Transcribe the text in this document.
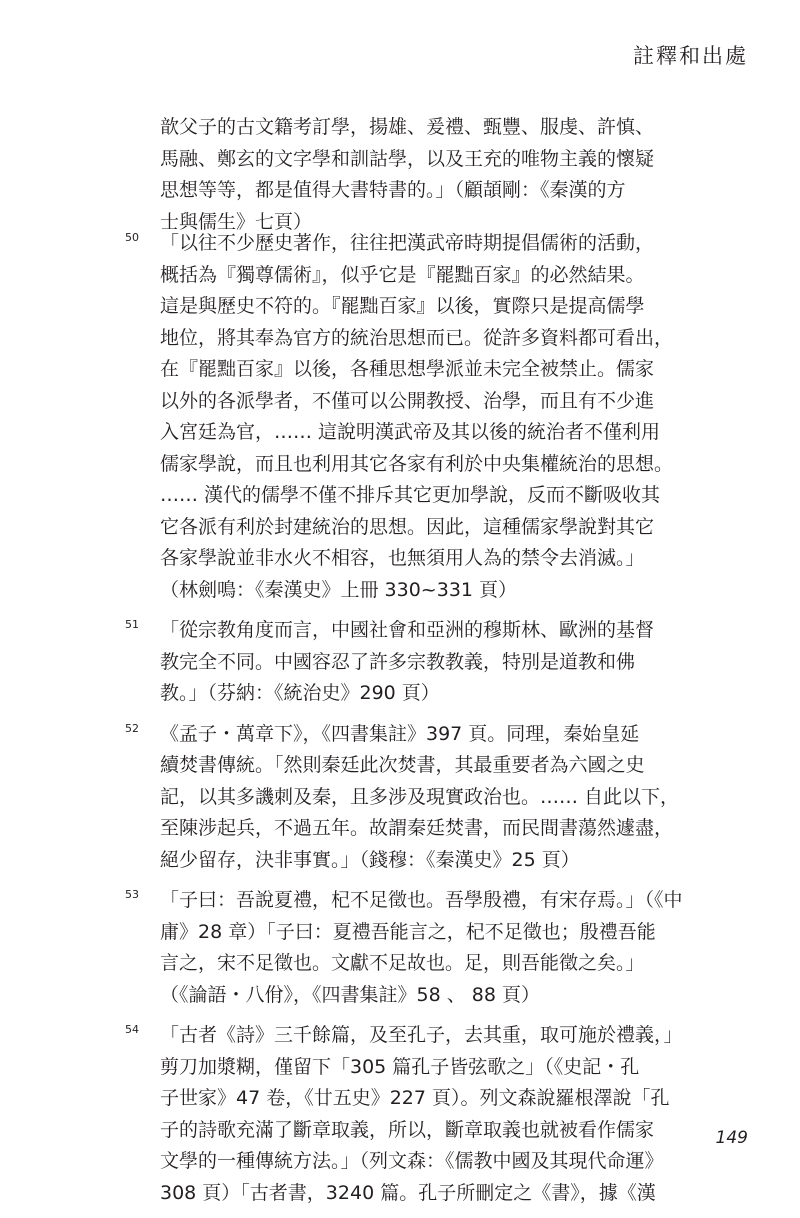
註釋和出處
歆父子的古文籍考訂學，揚雄、爰禮、甄豐、服虔、許慎、
馬融、鄭玄的文字學和訓詁學，以及王充的唯物主義的懷疑
思想等等，都是值得大書特書的。」（顧頡剛：《秦漢的方
士與儒生》七頁）
50 「以往不少歷史著作，往往把漢武帝時期提倡儒術的活動，
概括為『獨尊儒術』，似乎它是『罷黜百家』的必然結果。
這是與歷史不符的。『罷黜百家』以後，實際只是提高儒學
地位，將其奉為官方的統治思想而已。從許多資料都可看出，
在『罷黜百家』以後，各種思想學派並未完全被禁止。儒家
以外的各派學者，不僅可以公開教授、治學，而且有不少進
入宮廷為官，…… 這說明漢武帝及其以後的統治者不僅利用
儒家學說，而且也利用其它各家有利於中央集權統治的思想。
…… 漢代的儒學不僅不排斥其它更加學說，反而不斷吸收其
它各派有利於封建統治的思想。因此，這種儒家學說對其它
各家學說並非水火不相容，也無須用人為的禁令去消滅。」
（林劍鳴：《秦漢史》上冊 330~331 頁）
51 「從宗教角度而言，中國社會和亞洲的穆斯林、歐洲的基督
教完全不同。中國容忍了許多宗教教義，特別是道教和佛
教。」（芬納：《統治史》290 頁）
52 《孟子・萬章下》，《四書集註》397 頁。同理，秦始皇延
續焚書傳統。「然則秦廷此次焚書，其最重要者為六國之史
記，以其多譏刺及秦，且多涉及現實政治也。…… 自此以下，
至陳涉起兵，不過五年。故謂秦廷焚書，而民間書蕩然遽盡，
絕少留存，決非事實。」（錢穆：《秦漢史》25 頁）
53 「子曰：吾說夏禮，杞不足徵也。吾學殷禮，有宋存焉。」（《中
庸》28 章）「子曰：夏禮吾能言之，杞不足徵也；殷禮吾能
言之，宋不足徵也。文獻不足故也。足，則吾能徵之矣。」
（《論語・八佾》，《四書集註》58 、 88 頁）
54 「古者《詩》三千餘篇，及至孔子，去其重，取可施於禮義，」
剪刀加漿糊，僅留下「305 篇孔子皆弦歌之」（《史記・孔
子世家》47 卷，《廿五史》227 頁）。列文森說羅根澤說「孔
子的詩歌充滿了斷章取義，所以，斷章取義也就被看作儒家
文學的一種傳統方法。」（列文森：《儒教中國及其現代命運》
308 頁）「古者書，3240 篇。孔子所刪定之《書》，據《漢
149
